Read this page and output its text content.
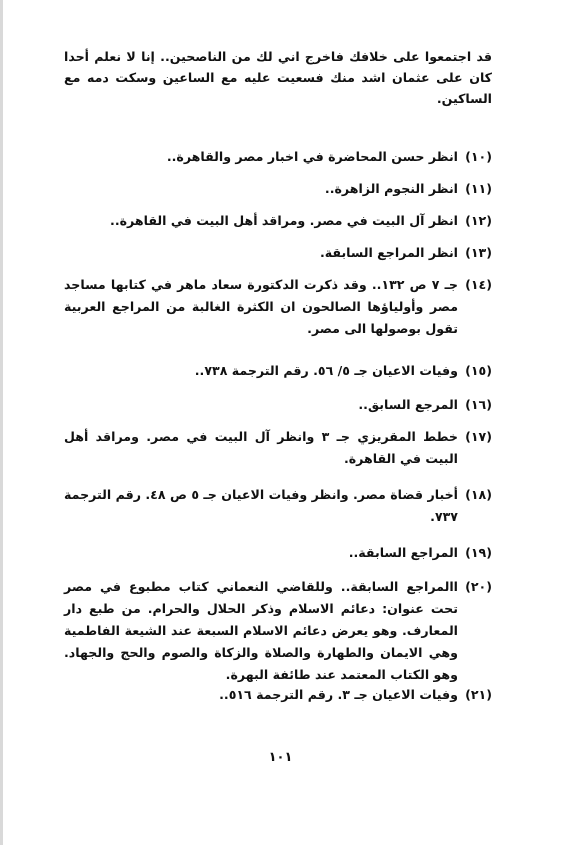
قد اجتمعوا على خلافك فاخرج اني لك من الناصحين.. إنا لا نعلم أحدا كان على عثمان اشد منك فسعيت عليه مع الساعين وسكت دمه مع الساكين.

(١٠)
انظر حسن المحاضرة في اخبار مصر والقاهرة..
(١١)
انظر النجوم الزاهرة..
(١٢)
انظر آل البيت في مصر. ومراقد أهل البيت في القاهرة..
(١٣)
انظر المراجع السابقة.
(١٤)
جـ ٧ ص ١٣٢.. وقد ذكرت الدكتورة سعاد ماهر في كتابها مساجد مصر وأولياؤها الصالحون ان الكثرة الغالبة من المراجع العربية تقول بوصولها الى مصر.
(١٥)
وفيات الاعيان جـ ٥/ ٥٦. رقم الترجمة ٧٣٨..
(١٦)
المرجع السابق..
(١٧)
خطط المقريزي جـ ٣ وانظر آل البيت في مصر. ومراقد أهل البيت في القاهرة.
(١٨)
أخبار قضاة مصر. وانظر وفيات الاعيان جـ ٥ ص ٤٨. رقم الترجمة ٧٣٧.
(١٩)
المراجع السابقة..
(٢٠)
االمراجع السابقة.. وللقاضي النعماني كتاب مطبوع في مصر تحت عنوان: دعائم الاسلام وذكر الحلال والحرام. من طبع دار المعارف. وهو يعرض دعائم الاسلام السبعة عند الشيعة الفاطمية وهي الايمان والطهارة والصلاة والزكاة والصوم والحج والجهاد. وهو الكتاب المعتمد عند طائفة البهرة.
(٢١)
وفيات الاعيان جـ ٣. رقم الترجمة ٥١٦..
١٠١
